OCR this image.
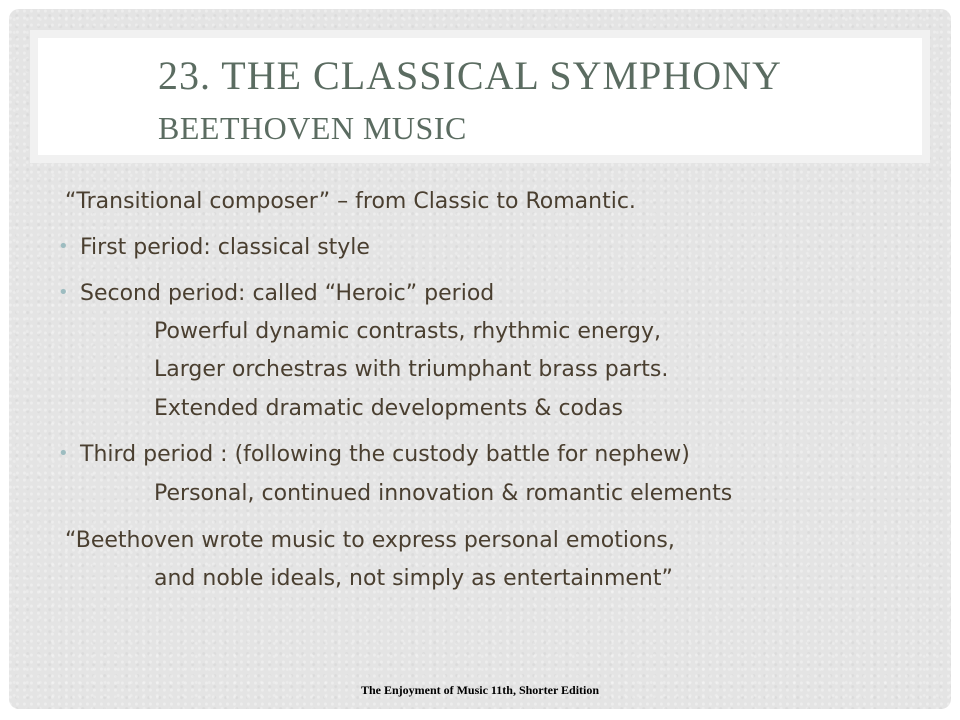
23. THE CLASSICAL SYMPHONY
BEETHOVEN MUSIC
“Transitional composer” – from Classic to Romantic.
• First period: classical style
• Second period: called “Heroic” period
Powerful dynamic contrasts, rhythmic energy,
Larger orchestras with triumphant brass parts.
Extended dramatic developments & codas
• Third period : (following the custody battle for nephew)
Personal, continued innovation & romantic elements
“Beethoven wrote music to express personal emotions,
and noble ideals, not simply as entertainment”
The Enjoyment of Music 11th, Shorter Edition
